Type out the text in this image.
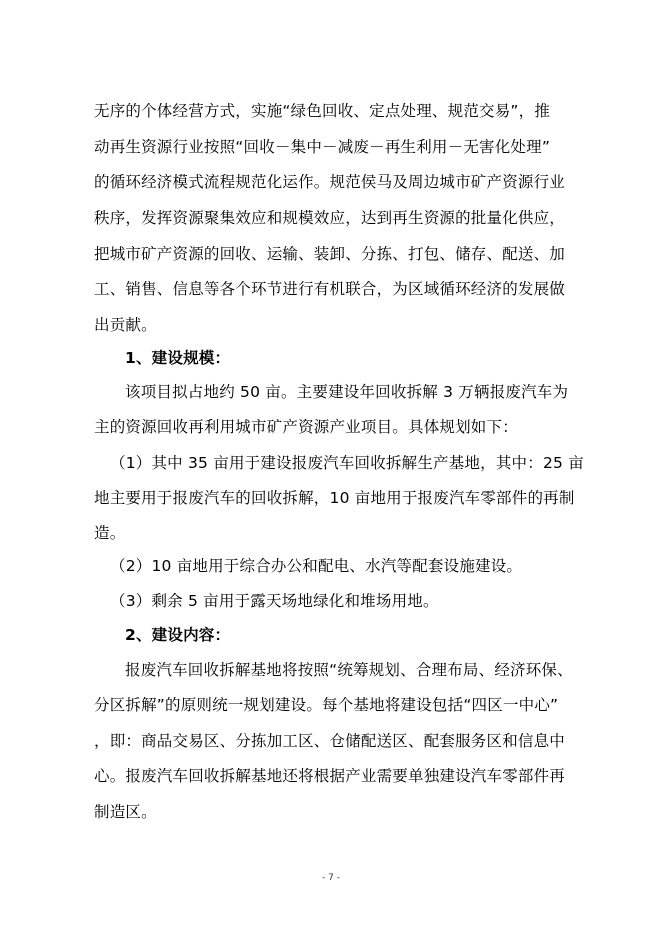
无序的个体经营方式，实施“绿色回收、定点处理、规范交易”，推
动再生资源行业按照“回收－集中－减废－再生利用－无害化处理”
的循环经济模式流程规范化运作。规范侯马及周边城市矿产资源行业
秩序，发挥资源聚集效应和规模效应，达到再生资源的批量化供应，
把城市矿产资源的回收、运输、装卸、分拣、打包、储存、配送、加
工、销售、信息等各个环节进行有机联合，为区域循环经济的发展做
出贡献。
1、建设规模：
该项目拟占地约 50 亩。主要建设年回收拆解 3 万辆报废汽车为
主的资源回收再利用城市矿产资源产业项目。具体规划如下：
（1）其中 35 亩用于建设报废汽车回收拆解生产基地，其中：25 亩
地主要用于报废汽车的回收拆解，10 亩地用于报废汽车零部件的再制
造。
（2）10 亩地用于综合办公和配电、水汽等配套设施建设。
（3）剩余 5 亩用于露天场地绿化和堆场用地。
2、建设内容：
报废汽车回收拆解基地将按照“统筹规划、合理布局、经济环保、
分区拆解”的原则统一规划建设。每个基地将建设包括“四区一中心”
，即：商品交易区、分拣加工区、仓储配送区、配套服务区和信息中
心。报废汽车回收拆解基地还将根据产业需要单独建设汽车零部件再
制造区。
- 7 -
